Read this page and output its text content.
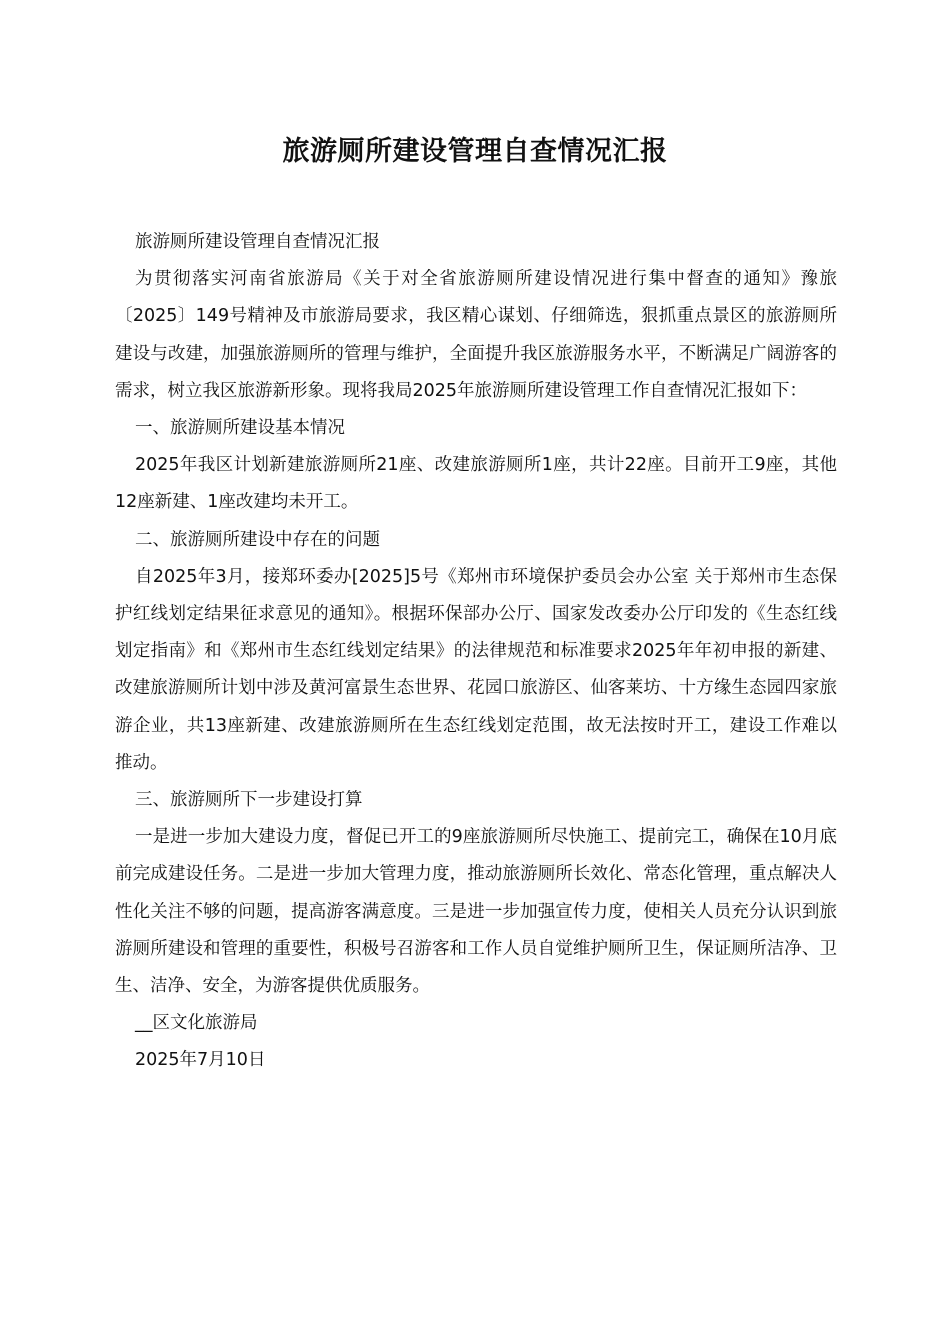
旅游厕所建设管理自查情况汇报

旅游厕所建设管理自查情况汇报

为贯彻落实河南省旅游局《关于对全省旅游厕所建设情况进行集中督查的通知》豫旅〔2025〕149号精神及市旅游局要求，我区精心谋划、仔细筛选，狠抓重点景区的旅游厕所建设与改建，加强旅游厕所的管理与维护，全面提升我区旅游服务水平，不断满足广阔游客的需求，树立我区旅游新形象。现将我局2025年旅游厕所建设管理工作自查情况汇报如下：

一、旅游厕所建设基本情况

2025年我区计划新建旅游厕所21座、改建旅游厕所1座，共计22座。目前开工9座，其他12座新建、1座改建均未开工。

二、旅游厕所建设中存在的问题

自2025年3月，接郑环委办[2025]5号《郑州市环境保护委员会办公室 关于郑州市生态保护红线划定结果征求意见的通知》。根据环保部办公厅、国家发改委办公厅印发的《生态红线划定指南》和《郑州市生态红线划定结果》的法律规范和标准要求2025年年初申报的新建、改建旅游厕所计划中涉及黄河富景生态世界、花园口旅游区、仙客莱坊、十方缘生态园四家旅游企业，共13座新建、改建旅游厕所在生态红线划定范围，故无法按时开工，建设工作难以推动。

三、旅游厕所下一步建设打算

一是进一步加大建设力度，督促已开工的9座旅游厕所尽快施工、提前完工，确保在10月底前完成建设任务。二是进一步加大管理力度，推动旅游厕所长效化、常态化管理，重点解决人性化关注不够的问题，提高游客满意度。三是进一步加强宣传力度，使相关人员充分认识到旅游厕所建设和管理的重要性，积极号召游客和工作人员自觉维护厕所卫生，保证厕所洁净、卫生、洁净、安全，为游客提供优质服务。

__区文化旅游局

2025年7月10日
